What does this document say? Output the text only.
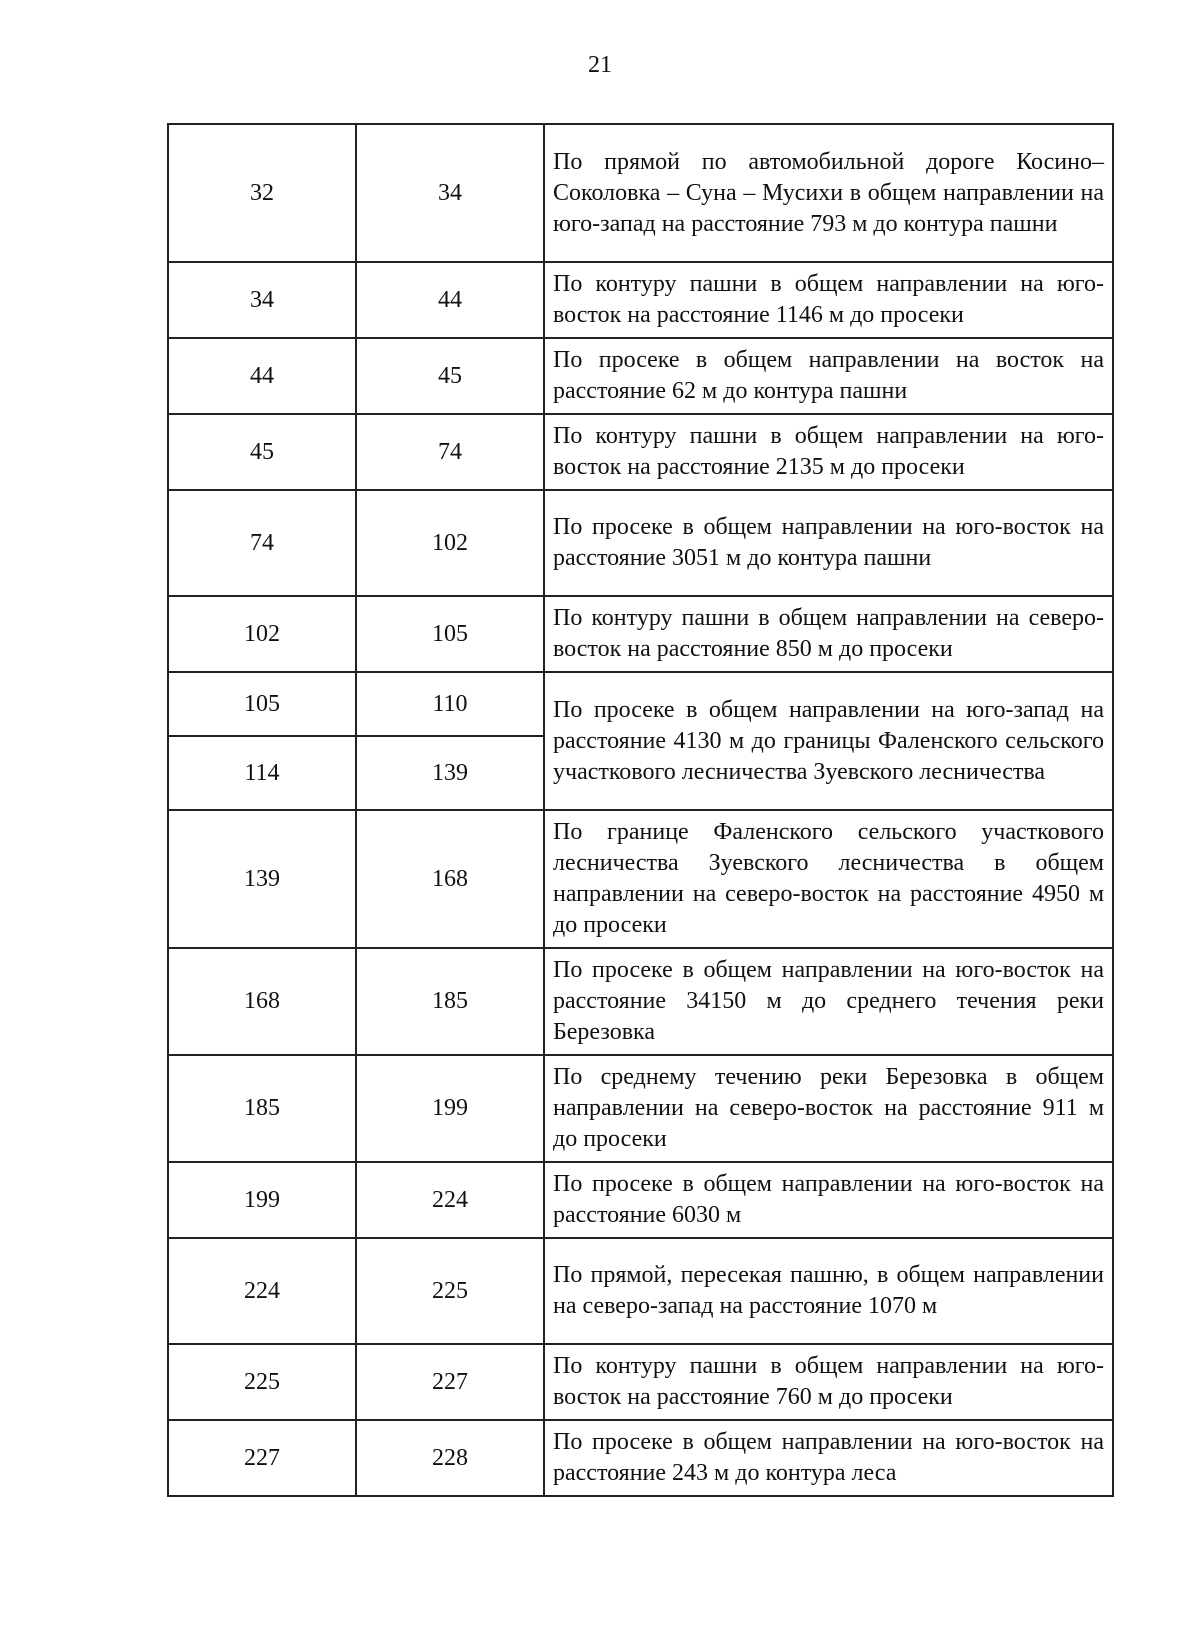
21
32	34	По прямой по автомобильной дороге Косино–Соколовка – Суна – Мусихи в общем направлении на юго-запад на расстояние 793 м до контура пашни
34	44	По контуру пашни в общем направлении на юго-восток на расстояние 1146 м до просеки
44	45	По просеке в общем направлении на восток на расстояние 62 м до контура пашни
45	74	По контуру пашни в общем направлении на юго-восток на расстояние 2135 м до просеки
74	102	По просеке в общем направлении на юго-восток на расстояние 3051 м до контура пашни
102	105	По контуру пашни в общем направлении на северо-восток на расстояние 850 м до просеки
105	110	По просеке в общем направлении на юго-запад на расстояние 4130 м до границы Фаленского сельского участкового лесничества Зуевского лесничества
114	139	
139	168	По границе Фаленского сельского участкового лесничества Зуевского лесничества в общем направлении на северо-восток на расстояние 4950 м до просеки
168	185	По просеке в общем направлении на юго-восток на расстояние 34150 м до среднего течения реки Березовка
185	199	По среднему течению реки Березовка в общем направлении на северо-восток на расстояние 911 м до просеки
199	224	По просеке в общем направлении на юго-восток на расстояние 6030 м
224	225	По прямой, пересекая пашню, в общем направлении на северо-запад на расстояние 1070 м
225	227	По контуру пашни в общем направлении на юго-восток на расстояние 760 м до просеки
227	228	По просеке в общем направлении на юго-восток на расстояние 243 м до контура леса
